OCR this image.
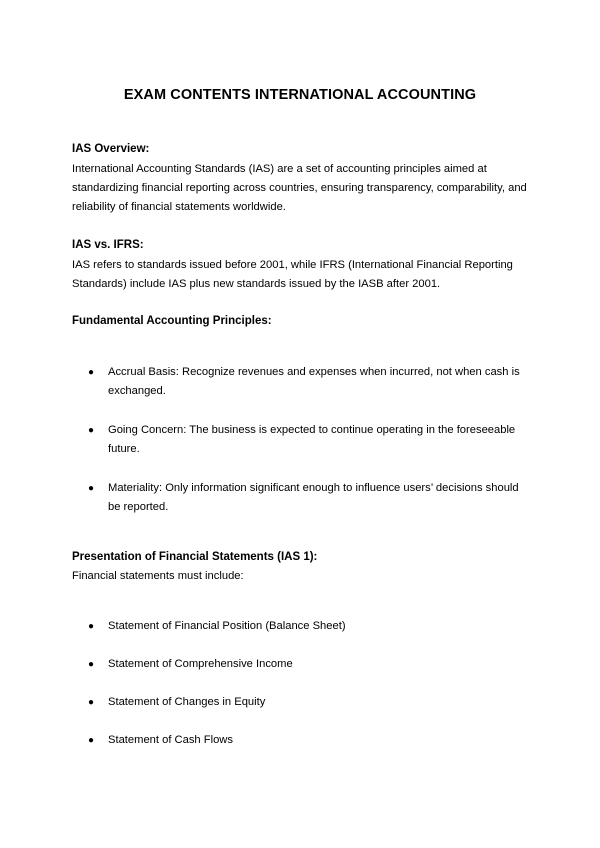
EXAM CONTENTS INTERNATIONAL ACCOUNTING
IAS Overview:
International Accounting Standards (IAS) are a set of accounting principles aimed at standardizing financial reporting across countries, ensuring transparency, comparability, and reliability of financial statements worldwide.
IAS vs. IFRS:
IAS refers to standards issued before 2001, while IFRS (International Financial Reporting Standards) include IAS plus new standards issued by the IASB after 2001.
Fundamental Accounting Principles:
●	Accrual Basis: Recognize revenues and expenses when incurred, not when cash is exchanged.
●	Going Concern: The business is expected to continue operating in the foreseeable future.
●	Materiality: Only information significant enough to influence users’ decisions should be reported.
Presentation of Financial Statements (IAS 1):
Financial statements must include:
●	Statement of Financial Position (Balance Sheet)
●	Statement of Comprehensive Income
●	Statement of Changes in Equity
●	Statement of Cash Flows
